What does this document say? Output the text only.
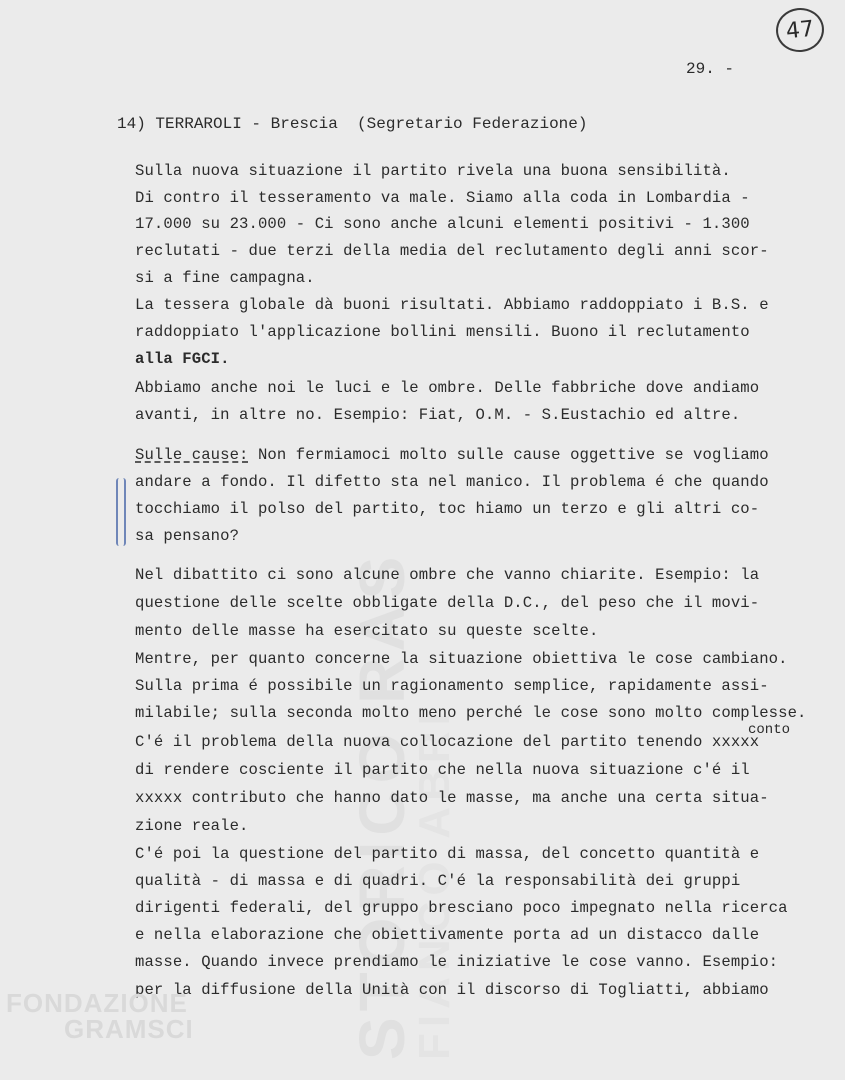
STORICO RAS
FIANCO ABRI
47
29. -
14) TERRAROLI - Brescia  (Segretario Federazione)
Sulla nuova situazione il partito rivela una buona sensibilità.
Di contro il tesseramento va male. Siamo alla coda in Lombardia -
17.000 su 23.000 - Ci sono anche alcuni elementi positivi - 1.300
reclutati - due terzi della media del reclutamento degli anni scor-
si a fine campagna.
La tessera globale dà buoni risultati. Abbiamo raddoppiato i B.S. e
raddoppiato l'applicazione bollini mensili. Buono il reclutamento
alla FGCI.
Abbiamo anche noi le luci e le ombre. Delle fabbriche dove andiamo
avanti, in altre no. Esempio: Fiat, O.M. - S.Eustachio ed altre.
Sulle cause: Non fermiamoci molto sulle cause oggettive se vogliamo
andare a fondo. Il difetto sta nel manico. Il problema é che quando
tocchiamo il polso del partito, toc hiamo un terzo e gli altri co-
sa pensano?
Nel dibattito ci sono alcune ombre che vanno chiarite. Esempio: la
questione delle scelte obbligate della D.C., del peso che il movi-
mento delle masse ha esercitato su queste scelte.
Mentre, per quanto concerne la situazione obiettiva le cose cambiano.
Sulla prima é possibile un ragionamento semplice, rapidamente assi-
milabile; sulla seconda molto meno perché le cose sono molto complesse.
C'é il problema della nuova collocazione del partito tenendo xxxxx
di rendere cosciente il partito che nella nuova situazione c'é il
xxxxx contributo che hanno dato le masse, ma anche una certa situa-
zione reale.
C'é poi la questione del partito di massa, del concetto quantità e
qualità - di massa e di quadri. C'é la responsabilità dei gruppi
dirigenti federali, del gruppo bresciano poco impegnato nella ricerca
e nella elaborazione che obiettivamente porta ad un distacco dalle
masse. Quando invece prendiamo le iniziative le cose vanno. Esempio:
per la diffusione della Unità con il discorso di Togliatti, abbiamo
conto
FONDAZIONE
GRAMSCI
